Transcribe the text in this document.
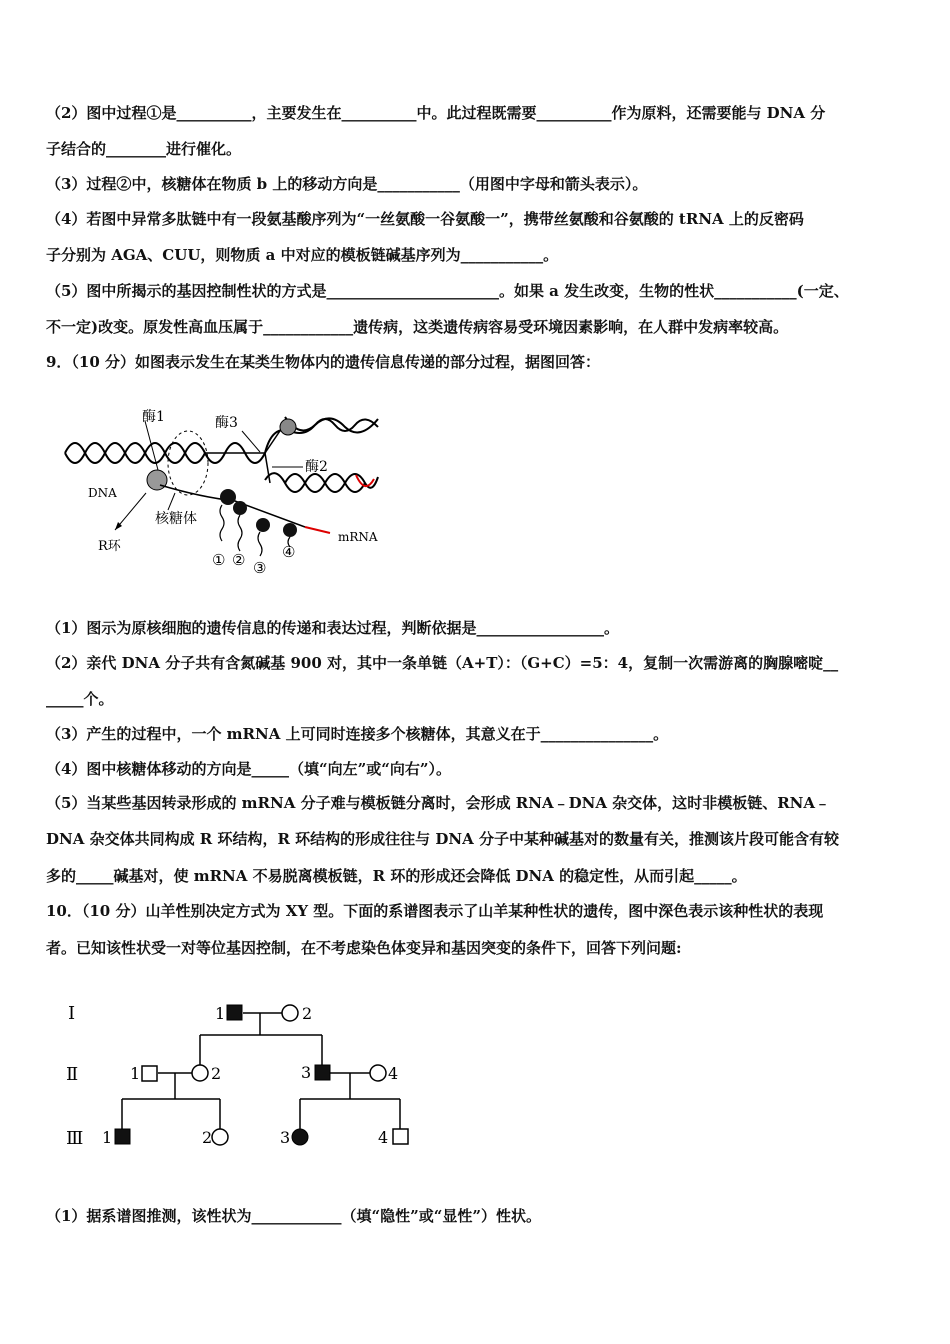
（2）图中过程①是__________，主要发生在__________中。此过程既需要__________作为原料，还需要能与 DNA 分
子结合的________进行催化。
（3）过程②中，核糖体在物质 b 上的移动方向是___________（用图中字母和箭头表示）。
（4）若图中异常多肽链中有一段氨基酸序列为“一丝氨酸一谷氨酸一”，携带丝氨酸和谷氨酸的 tRNA 上的反密码
子分别为 AGA、CUU，则物质 a 中对应的模板链碱基序列为___________。
（5）图中所揭示的基因控制性状的方式是_______________________。如果 a 发生改变，生物的性状___________(一定、
不一定)改变。原发性高血压属于____________遗传病，这类遗传病容易受环境因素影响，在人群中发病率较高。
9．（10 分）如图表示发生在某类生物体内的遗传信息传递的部分过程，据图回答：
酶1	酶3
酶2
DNA
核糖体
R环
mRNA
① ② ③
④
（1）图示为原核细胞的遗传信息的传递和表达过程，判断依据是_________________。
（2）亲代 DNA 分子共有含氮碱基 900 对，其中一条单链（A+T）：（G+C）=5：4，复制一次需游离的胸腺嘧啶__
_____个。
（3）产生的过程中，一个 mRNA 上可同时连接多个核糖体，其意义在于_______________。
（4）图中核糖体移动的方向是_____（填“向左”或“向右”）。
（5）当某些基因转录形成的 mRNA 分子难与模板链分离时，会形成 RNA﹣DNA 杂交体，这时非模板链、RNA﹣
DNA 杂交体共同构成 R 环结构，R 环结构的形成往往与 DNA 分子中某种碱基对的数量有关，推测该片段可能含有较
多的_____碱基对，使 mRNA 不易脱离模板链，R 环的形成还会降低 DNA 的稳定性，从而引起_____。
10．（10 分）山羊性别决定方式为 XY 型。下面的系谱图表示了山羊某种性状的遗传，图中深色表示该种性状的表现
者。已知该性状受一对等位基因控制，在不考虑染色体变异和基因突变的条件下，回答下列问题:
Ⅰ
Ⅱ
Ⅲ
1	2
1	2	3	4
1	2	3	4
（1）据系谱图推测，该性状为____________（填“隐性”或“显性”）性状。
